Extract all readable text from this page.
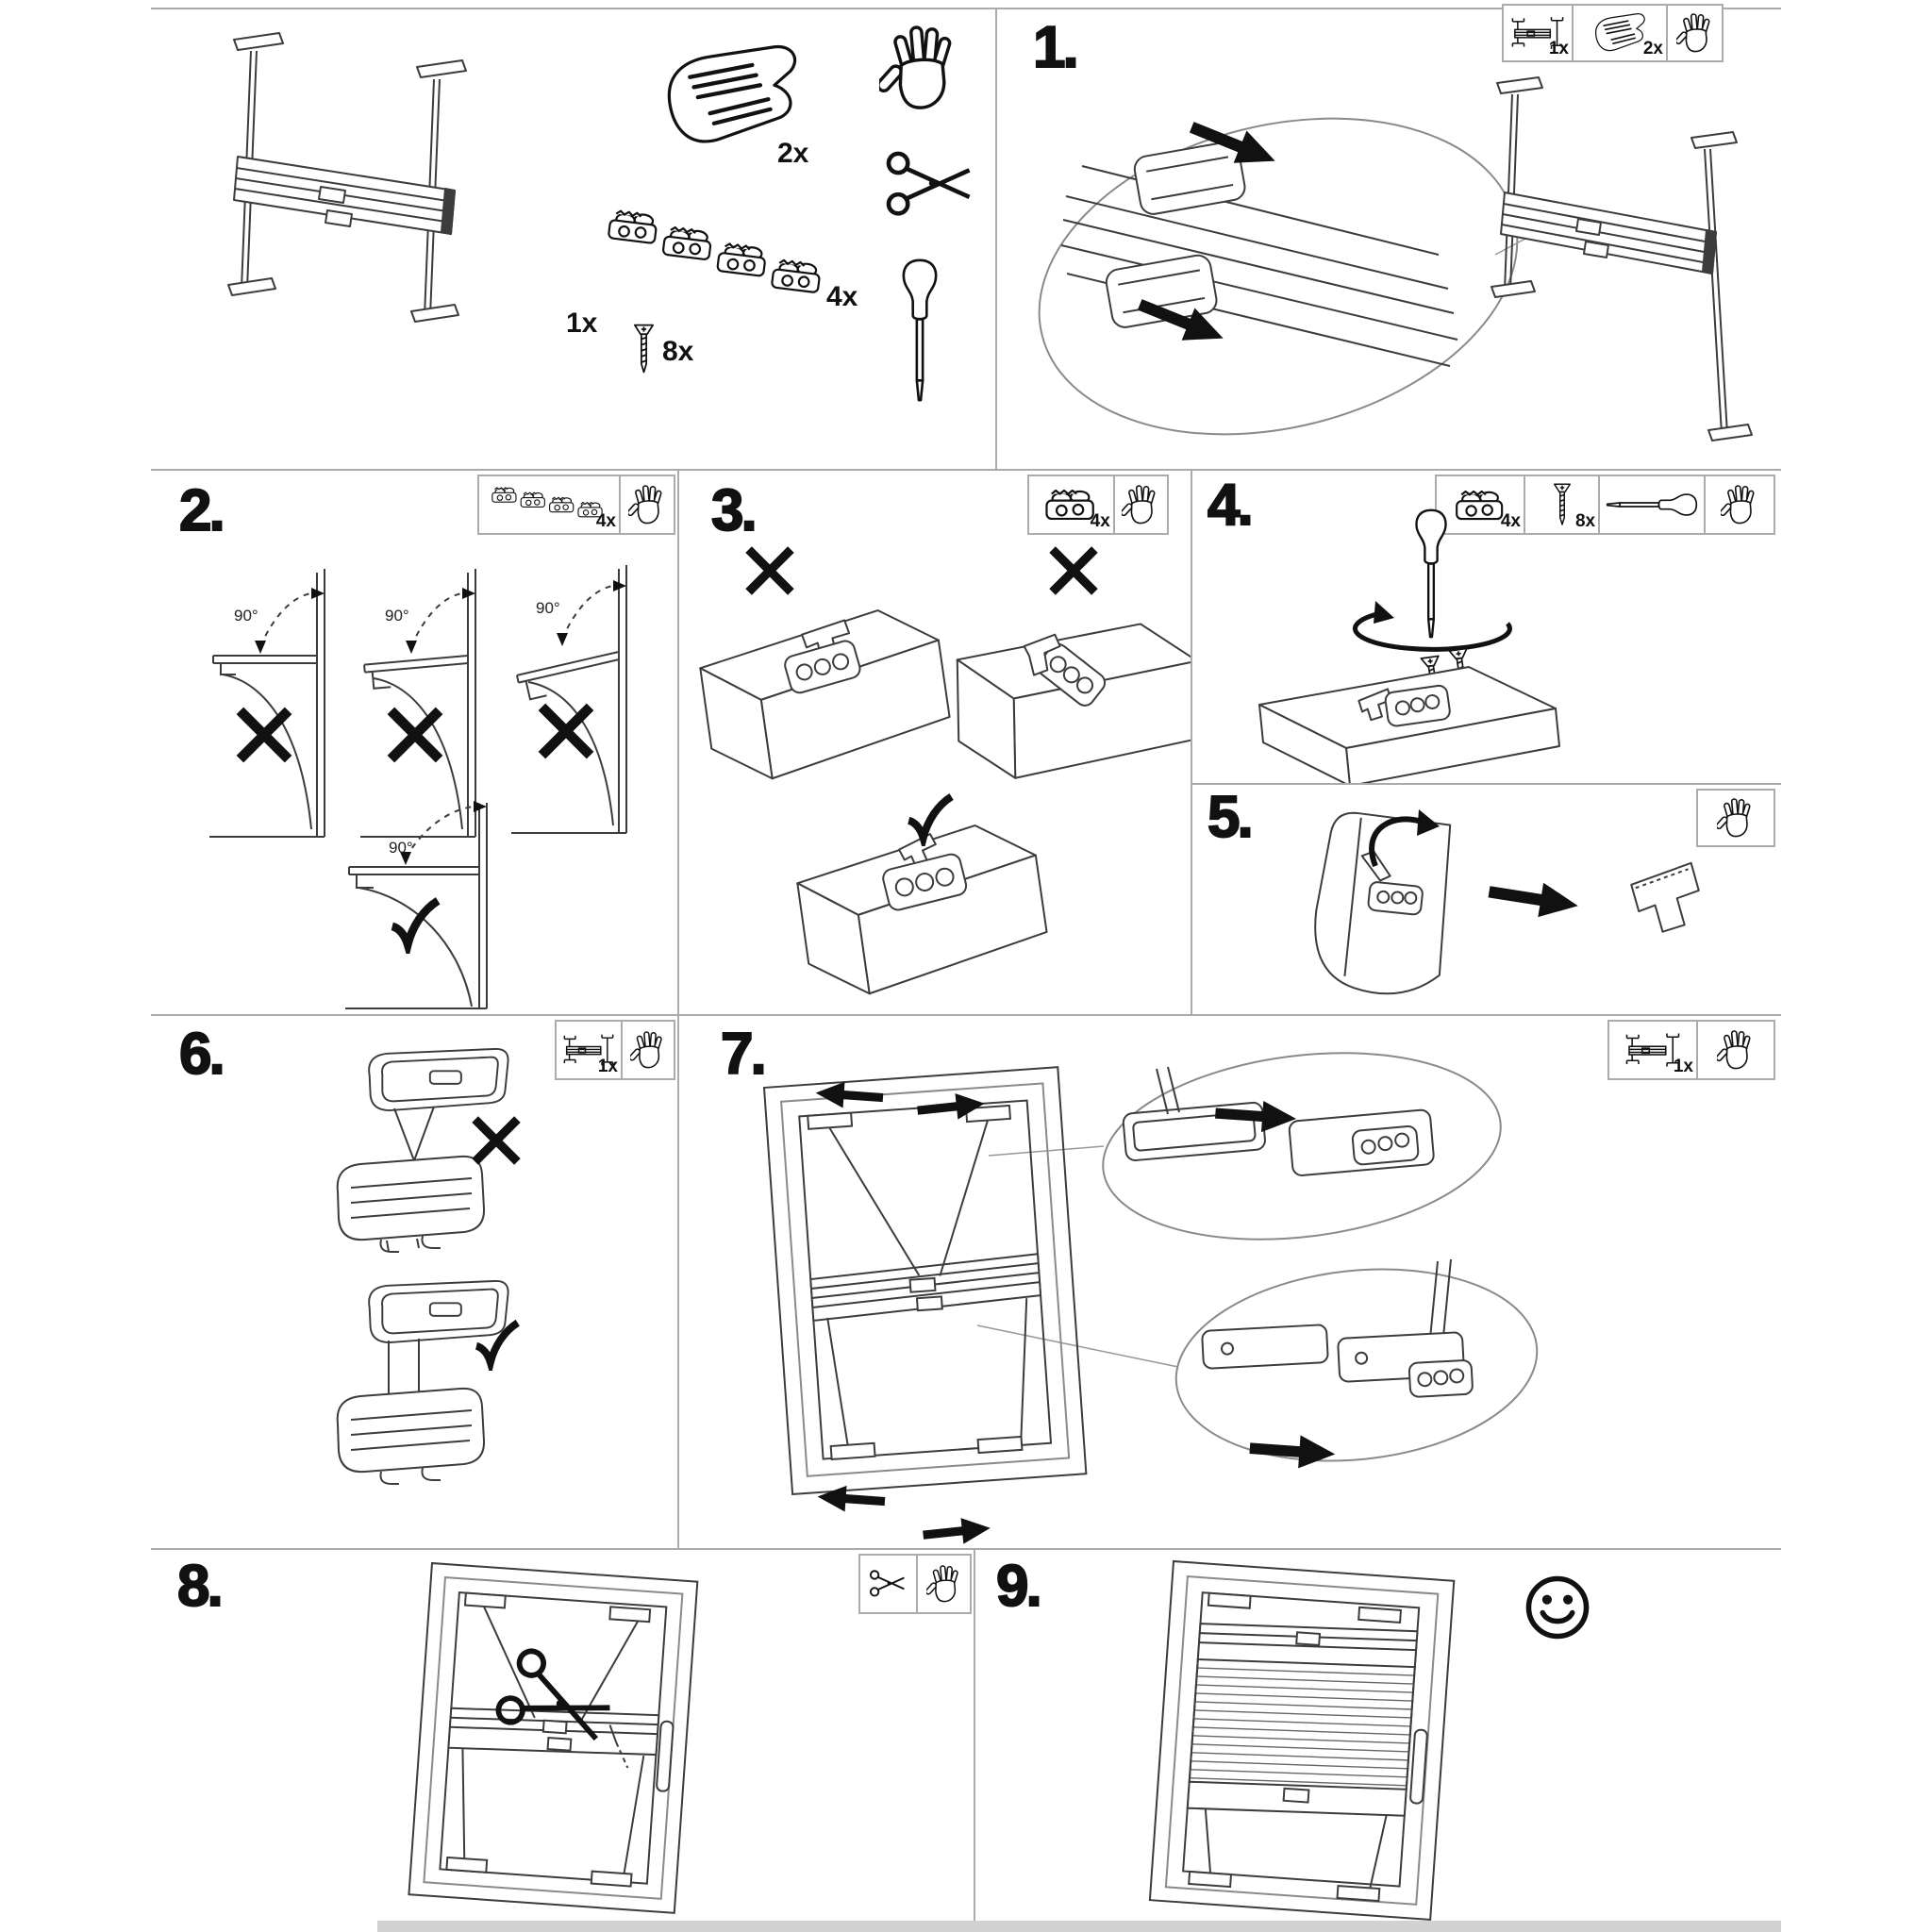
1x
2x
4x
8x
1.	1x	2x
2.	4x
90°	90°	90°
90°
3.	4x 4.	4x	8x
5.
6.	1x 7.	1x
8.	9.
